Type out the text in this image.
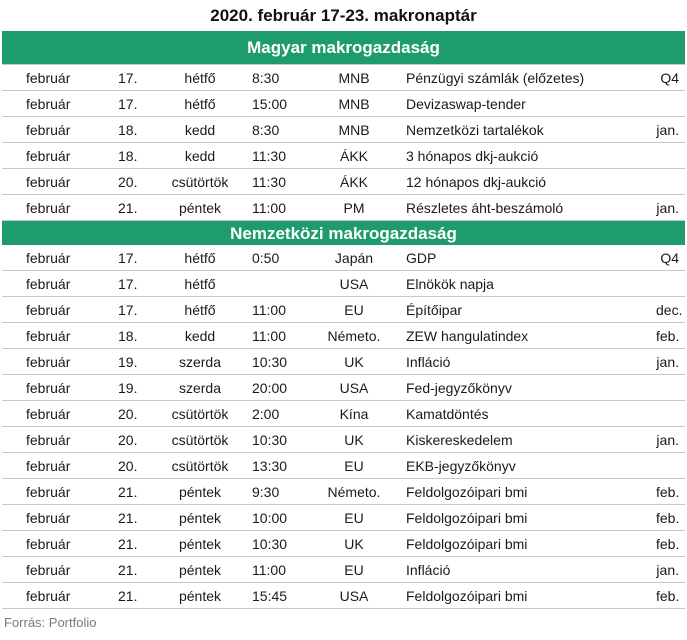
2020. február 17-23. makronaptár
Magyar makrogazdaság
február	17.	hétfő	8:30	MNB	Pénzügyi számlák (előzetes)	Q4
február	17.	hétfő	15:00	MNB	Devizaswap-tender	
február	18.	kedd	8:30	MNB	Nemzetközi tartalékok	jan.
február	18.	kedd	11:30	ÁKK	3 hónapos dkj-aukció	
február	20.	csütörtök	11:30	ÁKK	12 hónapos dkj-aukció	
február	21.	péntek	11:00	PM	Részletes áht-beszámoló	jan.
Nemzetközi makrogazdaság
február	17.	hétfő	0:50	Japán	GDP	Q4
február	17.	hétfő		USA	Elnökök napja	
február	17.	hétfő	11:00	EU	Építőipar	dec.
február	18.	kedd	11:00	Németo.	ZEW hangulatindex	feb.
február	19.	szerda	10:30	UK	Infláció	jan.
február	19.	szerda	20:00	USA	Fed-jegyzőkönyv	
február	20.	csütörtök	2:00	Kína	Kamatdöntés	
február	20.	csütörtök	10:30	UK	Kiskereskedelem	jan.
február	20.	csütörtök	13:30	EU	EKB-jegyzőkönyv	
február	21.	péntek	9:30	Németo.	Feldolgozóipari bmi	feb.
február	21.	péntek	10:00	EU	Feldolgozóipari bmi	feb.
február	21.	péntek	10:30	UK	Feldolgozóipari bmi	feb.
február	21.	péntek	11:00	EU	Infláció	jan.
február	21.	péntek	15:45	USA	Feldolgozóipari bmi	feb.
Forrás: Portfolio
